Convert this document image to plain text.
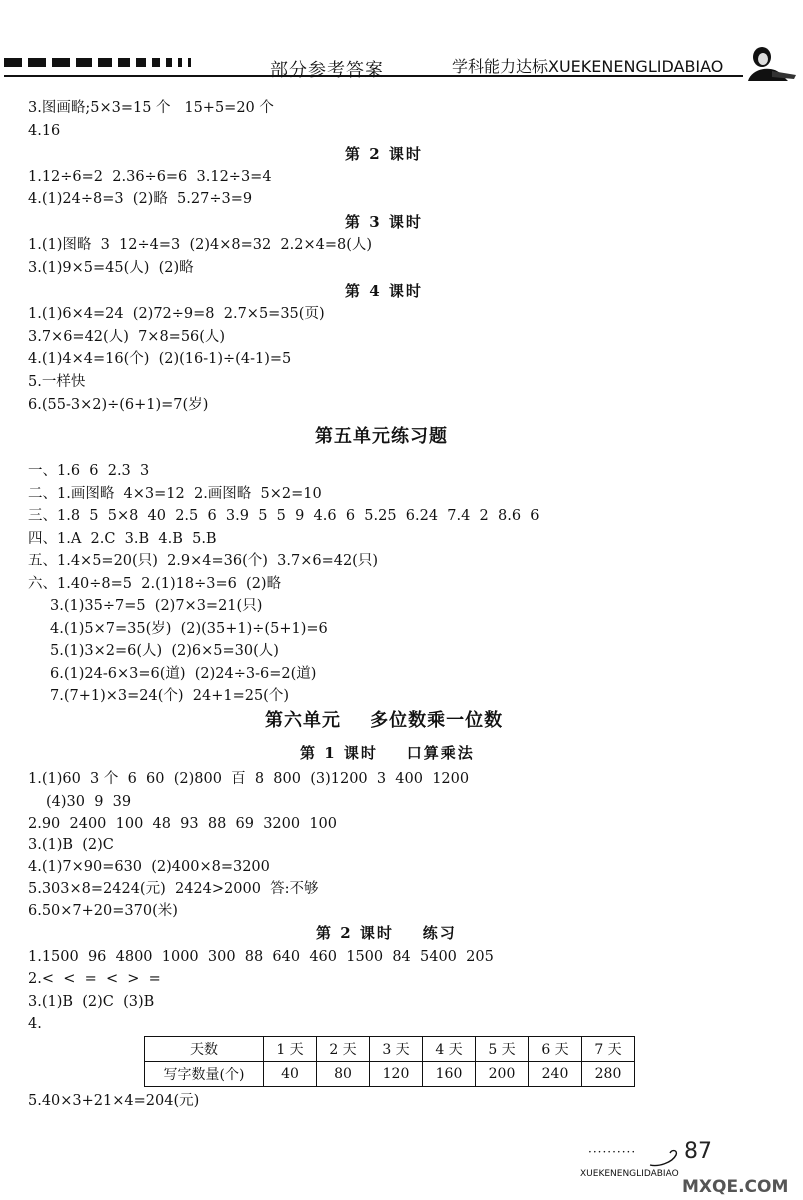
部分参考答案	学科能力达标XUEKENENGLIDABIAO
3.图画略;5×3=15 个   15+5=20 个
4.16
第 2 课时
1.12÷6=2  2.36÷6=6  3.12÷3=4
4.(1)24÷8=3  (2)略  5.27÷3=9
第 3 课时
1.(1)图略  3  12÷4=3  (2)4×8=32  2.2×4=8(人)
3.(1)9×5=45(人)  (2)略
第 4 课时
1.(1)6×4=24  (2)72÷9=8  2.7×5=35(页)
3.7×6=42(人)  7×8=56(人)
4.(1)4×4=16(个)  (2)(16-1)÷(4-1)=5
5.一样快
6.(55-3×2)÷(6+1)=7(岁)
第五单元练习题
一、1.6  6  2.3  3
二、1.画图略  4×3=12  2.画图略  5×2=10
三、1.8  5  5×8  40  2.5  6  3.9  5  5  9  4.6  6  5.25  6.24  7.4  2  8.6  6
四、1.A  2.C  3.B  4.B  5.B
五、1.4×5=20(只)  2.9×4=36(个)  3.7×6=42(只)
六、1.40÷8=5  2.(1)18÷3=6  (2)略
3.(1)35÷7=5  (2)7×3=21(只)
4.(1)5×7=35(岁)  (2)(35+1)÷(5+1)=6
5.(1)3×2=6(人)  (2)6×5=30(人)
6.(1)24-6×3=6(道)  (2)24÷3-6=2(道)
7.(7+1)×3=24(个)  24+1=25(个)
第六单元    多位数乘一位数
第 1 课时    口算乘法
1.(1)60  3 个  6  60  (2)800  百  8  800  (3)1200  3  400  1200
(4)30  9  39
2.90  2400  100  48  93  88  69  3200  100
3.(1)B  (2)C
4.(1)7×90=630  (2)400×8=3200
5.303×8=2424(元)  2424>2000  答:不够
6.50×7+20=370(米)
第 2 课时    练习
1.1500  96  4800  1000  300  88  640  460  1500  84  5400  205
2.<  <  =  <  >  =
3.(1)B  (2)C  (3)B
4.
天数	1 天	2 天	3 天	4 天	5 天	6 天	7 天
写字数量(个)	40	80	120	160	200	240	280
5.40×3+21×4=204(元)
·········· 87
XUEKENENGLIDABIAO
MXQE.COM
